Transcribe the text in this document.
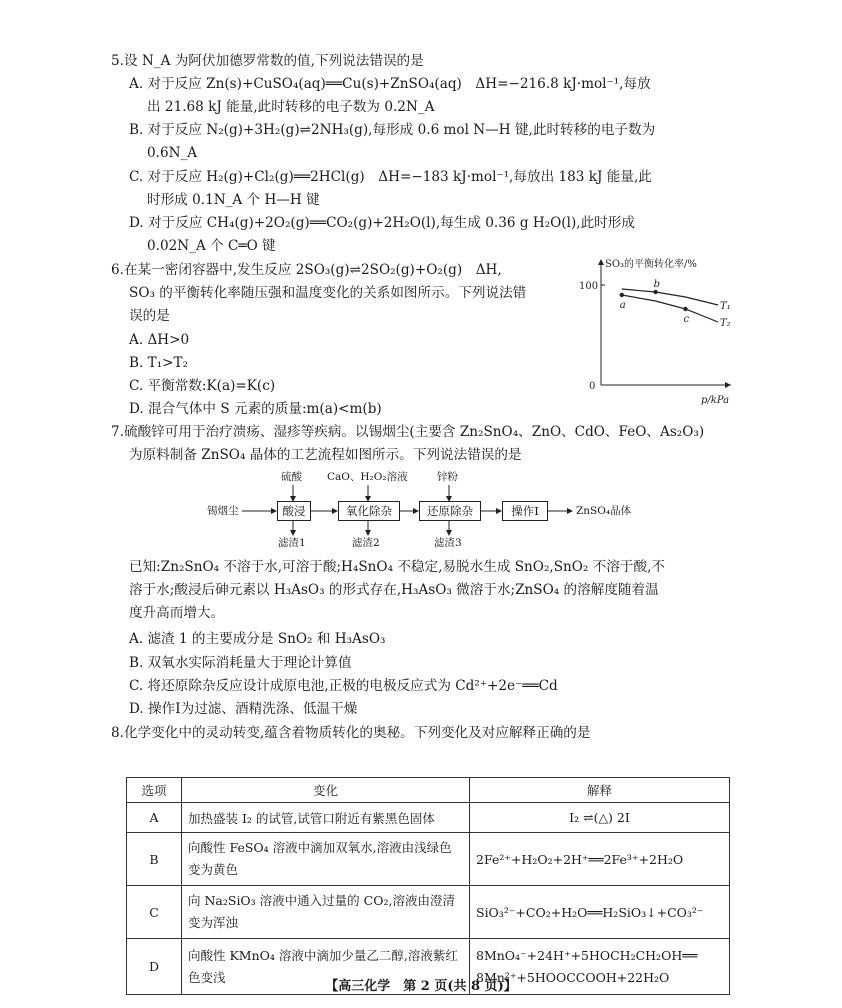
5.设 N_A 为阿伏加德罗常数的值,下列说法错误的是
A. 对于反应 Zn(s)+CuSO₄(aq)══Cu(s)+ZnSO₄(aq)　ΔH=−216.8 kJ·mol⁻¹,每放
出 21.68 kJ 能量,此时转移的电子数为 0.2N_A
B. 对于反应 N₂(g)+3H₂(g)⇌2NH₃(g),每形成 0.6 mol N—H 键,此时转移的电子数为
0.6N_A
C. 对于反应 H₂(g)+Cl₂(g)══2HCl(g)　ΔH=−183 kJ·mol⁻¹,每放出 183 kJ 能量,此
时形成 0.1N_A 个 H—H 键
D. 对于反应 CH₄(g)+2O₂(g)══CO₂(g)+2H₂O(l),每生成 0.36 g H₂O(l),此时形成
0.02N_A 个 C═O 键
6.在某一密闭容器中,发生反应 2SO₃(g)⇌2SO₂(g)+O₂(g)　ΔH,
SO₃ 的平衡转化率随压强和温度变化的关系如图所示。下列说法错
误的是
A. ΔH>0
B. T₁>T₂
C. 平衡常数:K(a)=K(c)
D. 混合气体中 S 元素的质量:m(a)<m(b)
SO₃的平衡转化率/%
100
0
p/kPa
T₁
T₂
a
b
c
7.硫酸锌可用于治疗溃疡、湿疹等疾病。以锡烟尘(主要含 Zn₂SnO₄、ZnO、CdO、FeO、As₂O₃)
为原料制备 ZnSO₄ 晶体的工艺流程如图所示。下列说法错误的是
锡烟尘	酸浸	氧化除杂	还原除杂	操作Ⅰ	ZnSO₄晶体
硫酸 CaO、H₂O₂溶液	锌粉
滤渣1	滤渣2	滤渣3
已知:Zn₂SnO₄ 不溶于水,可溶于酸;H₄SnO₄ 不稳定,易脱水生成 SnO₂,SnO₂ 不溶于酸,不
溶于水;酸浸后砷元素以 H₃AsO₃ 的形式存在,H₃AsO₃ 微溶于水;ZnSO₄ 的溶解度随着温
度升高而增大。
A. 滤渣 1 的主要成分是 SnO₂ 和 H₃AsO₃
B. 双氧水实际消耗量大于理论计算值
C. 将还原除杂反应设计成原电池,正极的电极反应式为 Cd²⁺+2e⁻══Cd
D. 操作Ⅰ为过滤、酒精洗涤、低温干燥
8.化学变化中的灵动转变,蕴含着物质转化的奥秘。下列变化及对应解释正确的是
选项	变化	解释
A	加热盛装 I₂ 的试管,试管口附近有紫黑色固体	I₂ ⇌(△) 2I
B	向酸性 FeSO₄ 溶液中滴加双氧水,溶液由浅绿色变为黄色	2Fe²⁺+H₂O₂+2H⁺══2Fe³⁺+2H₂O
C	向 Na₂SiO₃ 溶液中通入过量的 CO₂,溶液由澄清变为浑浊	SiO₃²⁻+CO₂+H₂O══H₂SiO₃↓+CO₃²⁻
D	向酸性 KMnO₄ 溶液中滴加少量乙二醇,溶液紫红色变浅	8MnO₄⁻+24H⁺+5HOCH₂CH₂OH══ 8Mn²⁺+5HOOCCOOH+22H₂O
【高三化学　第 2 页(共 8 页)】
